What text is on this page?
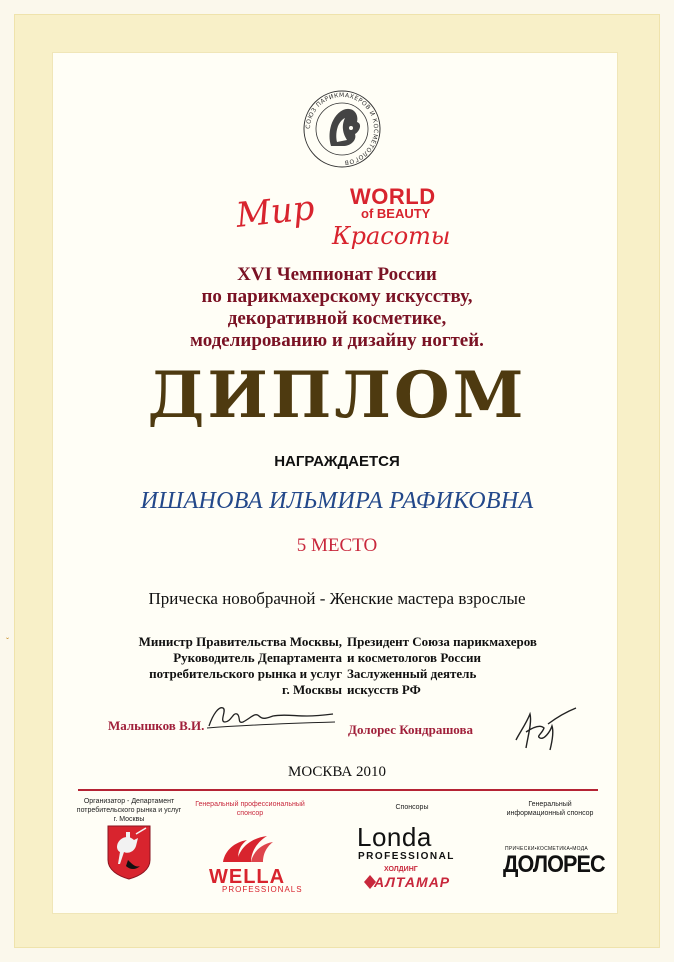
ˇ
СОЮЗ ПАРИКМАХЕРОВ И КОСМЕТОЛОГОВ
WORLD
of BEAUTY
Мир
Красоты
XVI Чемпионат России
по парикмахерскому искусству,
декоративной косметике,
моделированию и дизайну ногтей.
ДИПЛОМ
НАГРАЖДАЕТСЯ
ИШАНОВА ИЛЬМИРА РАФИКОВНА
5 МЕСТО
Прическа новобрачной - Женские мастера взрослые
Министр Правительства Москвы,
Руководитель Департамента
потребительского рынка и услуг
г. Москвы
Президент Союза парикмахеров
и косметологов России
Заслуженный деятель
искусств РФ
Малышков В.И.	Долорес Кондрашова
МОСКВА 2010
Организатор - Департамент
потребительского рынка и услуг
г. Москвы
Генеральный профессиональный
спонсор
Спонсоры	Генеральный
информационный спонсор
WELLA
PROFESSIONALS
Londa
PROFESSIONAL
ХОЛДИНГ
АЛТАМАР
ПРИЧЕСКИ•КОСМЕТИКА•МОДА
ДОЛОРЕС
